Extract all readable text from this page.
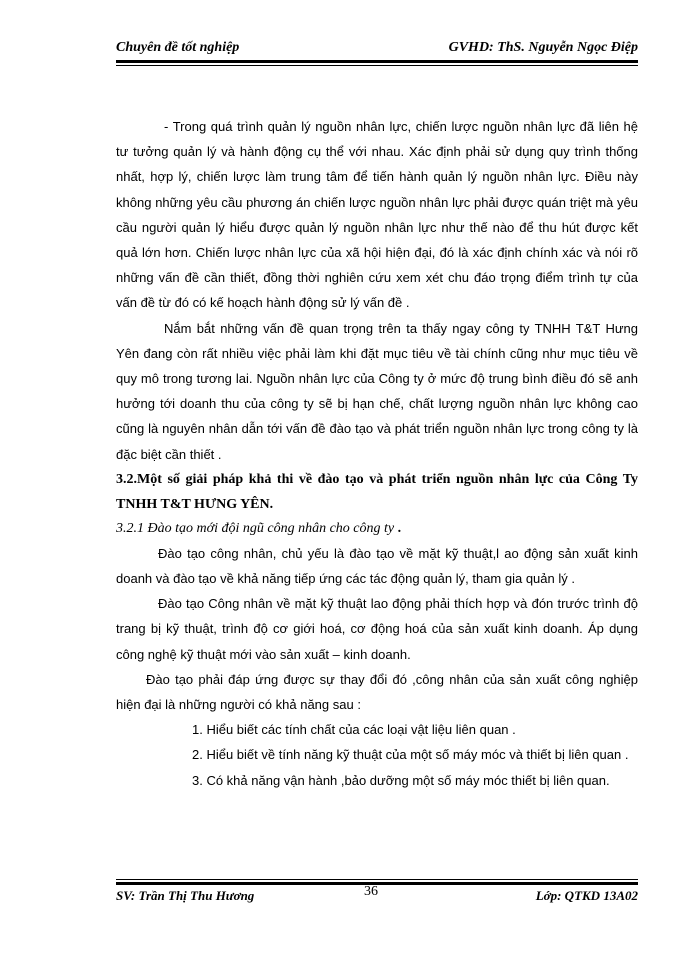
Chuyên đề tốt nghiệp	GVHD: ThS. Nguyễn Ngọc Điệp

- Trong quá trình quản lý nguồn nhân lực, chiến lược nguồn nhân lực đã liên hệ tư tưởng quản lý và hành động cụ thể với nhau. Xác định phải sử dụng quy trình thống nhất, hợp lý, chiến lược làm trung tâm để tiến hành quản lý nguồn nhân lực. Điều này không những yêu cầu phương án chiến lược nguồn nhân lực phải được quán triệt mà yêu cầu người quản lý hiểu được quản lý nguồn nhân lực như thế nào để thu hút được kết quả lớn hơn. Chiến lược nhân lực của xã hội hiện đại, đó là xác định chính xác và nói rõ những vấn đề cần thiết, đồng thời nghiên cứu xem xét chu đáo trọng điểm trình tự của vấn đề từ đó có kế hoạch hành động sử lý vấn đề .

Nắm bắt những vấn đề quan trọng trên ta thấy ngay công ty TNHH T&T Hưng Yên đang còn rất nhiều việc phải làm khi đặt mục tiêu về tài chính cũng như mục tiêu về quy mô trong tương lai. Nguồn nhân lực của Công ty ở mức độ trung bình điều đó sẽ anh hưởng tới doanh thu của công ty sẽ bị hạn chế, chất lượng nguồn nhân lực không cao cũng là nguyên nhân dẫn tới vấn đề đào tạo và phát triển nguồn nhân lực trong công ty là đặc biệt cần thiết .

3.2.Một số giải pháp khả thi về đào tạo và phát triển nguồn nhân lực của Công Ty TNHH T&T HƯNG YÊN.

3.2.1 Đào tạo mới đội ngũ công nhân cho công ty .

Đào tạo công nhân, chủ yếu là đào tạo về mặt kỹ thuật,l ao động sản xuất kinh doanh và đào tạo về khả năng tiếp ứng các tác động quản lý, tham gia quản lý .

Đào tạo Công nhân về mặt kỹ thuật lao động phải thích hợp và đón trước trình độ trang bị kỹ thuật, trình độ cơ giới hoá, cơ động hoá của sản xuất kinh doanh. Áp dụng công nghệ kỹ thuật mới vào sản xuất – kinh doanh.

Đào tạo phải đáp ứng được sự thay đổi đó ,công nhân của sản xuất công nghiệp hiện đại là những người có khả năng sau :

1. Hiểu biết các tính chất của các loại vật liệu liên quan .

2. Hiểu biết về tính năng kỹ thuật của một số máy móc và thiết bị liên quan .

3. Có khả năng vận hành ,bảo dưỡng một số máy móc thiết bị liên quan.

SV: Trần Thị Thu Hương	36	Lớp: QTKD 13A02
